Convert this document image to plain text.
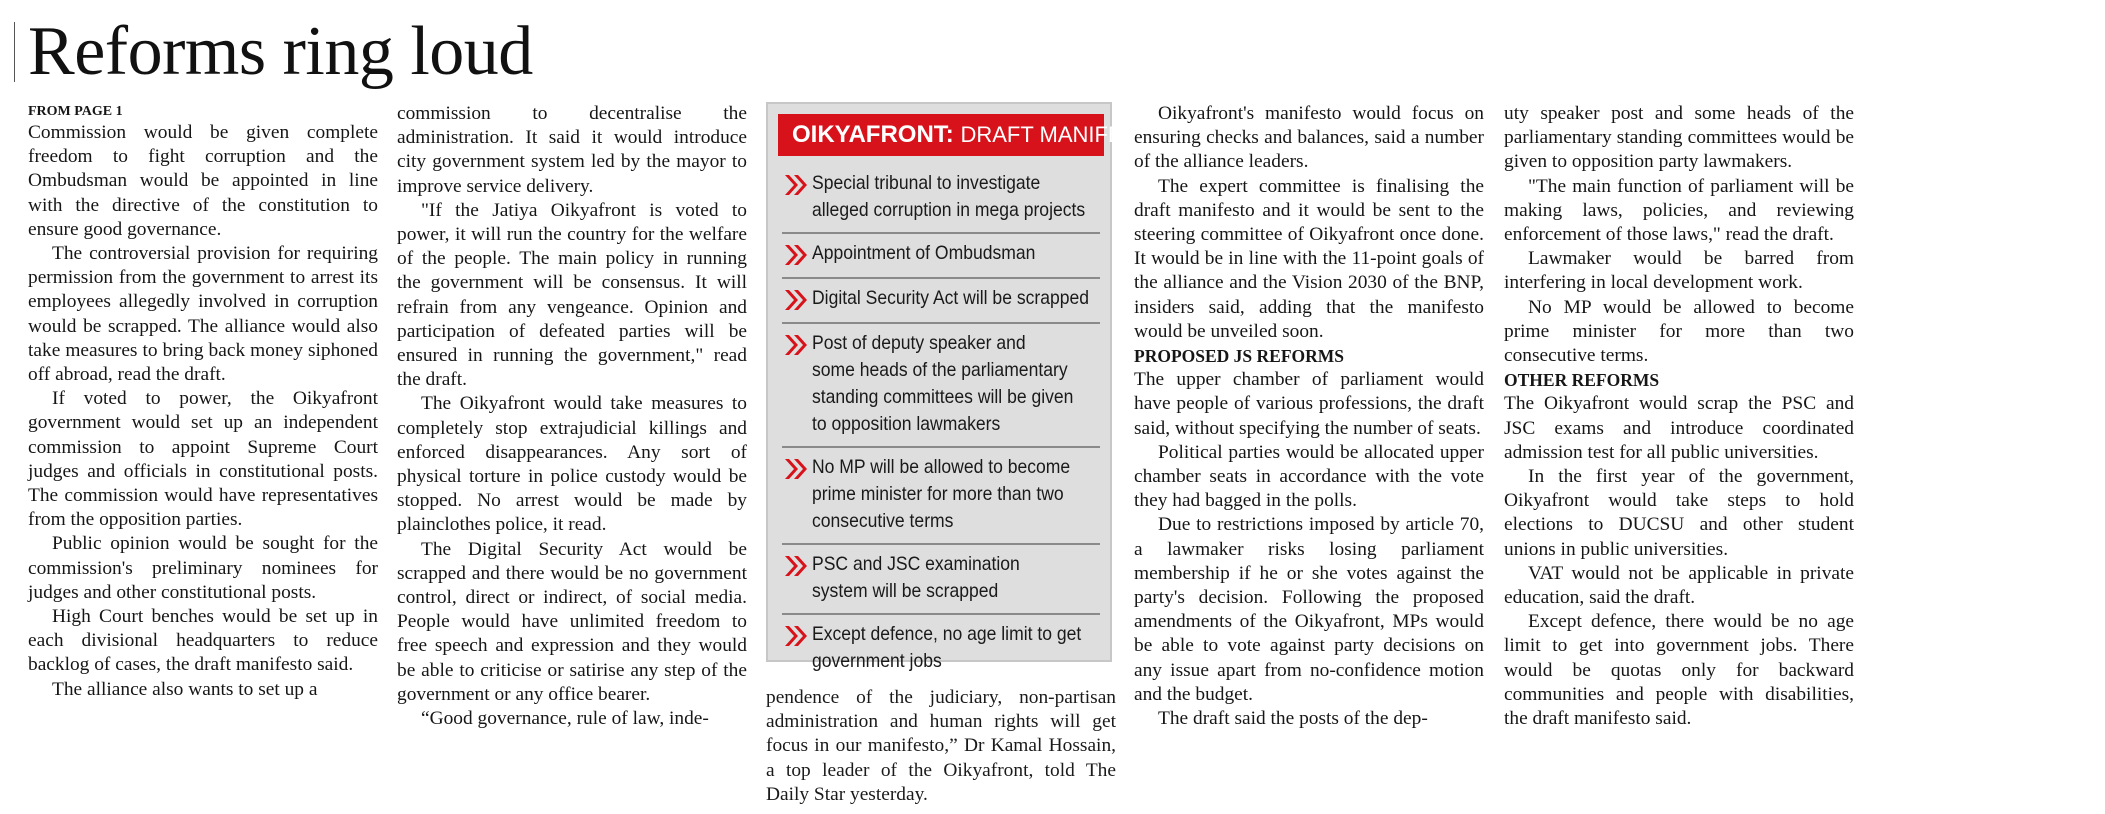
Reforms ring loud
FROM PAGE 1

Commission would be given complete freedom to fight corruption and the Ombudsman would be appointed in line with the directive of the constitution to ensure good governance.

The controversial provision for requiring permission from the government to arrest its employees allegedly involved in corruption would be scrapped. The alliance would also take measures to bring back money siphoned off abroad, read the draft.

If voted to power, the Oikyafront government would set up an independent commission to appoint Supreme Court judges and officials in constitutional posts. The commission would have representatives from the opposition parties.

Public opinion would be sought for the commission's preliminary nominees for judges and other constitutional posts.

High Court benches would be set up in each divisional headquarters to reduce backlog of cases, the draft manifesto said.

The alliance also wants to set up a

commission to decentralise the administration. It said it would introduce city government system led by the mayor to improve service delivery.

"If the Jatiya Oikyafront is voted to power, it will run the country for the welfare of the people. The main policy in running the government will be consensus. It will refrain from any vengeance. Opinion and participation of defeated parties will be ensured in running the government," read the draft.

The Oikyafront would take measures to completely stop extrajudicial killings and enforced disappearances. Any sort of physical torture in police custody would be stopped. No arrest would be made by plainclothes police, it read.

The Digital Security Act would be scrapped and there would be no government control, direct or indirect, of social media. People would have unlimited freedom to free speech and expression and they would be able to criticise or satirise any step of the government or any office bearer.

“Good governance, rule of law, inde-

OIKYAFRONT: DRAFT MANIFESTO
Special tribunal to investigate
alleged corruption in mega projects
Appointment of Ombudsman
Digital Security Act will be scrapped
Post of deputy speaker and
some heads of the parliamentary
standing committees will be given
to opposition lawmakers
No MP will be allowed to become
prime minister for more than two
consecutive terms
PSC and JSC examination
system will be scrapped
Except defence, no age limit to get
government jobs

pendence of the judiciary, non-partisan administration and human rights will get focus in our manifesto,” Dr Kamal Hossain, a top leader of the Oikyafront, told The Daily Star yesterday.

Oikyafront's manifesto would focus on ensuring checks and balances, said a number of the alliance leaders.

The expert committee is finalising the draft manifesto and it would be sent to the steering committee of Oikyafront once done. It would be in line with the 11-point goals of the alliance and the Vision 2030 of the BNP, insiders said, adding that the manifesto would be unveiled soon.

PROPOSED JS REFORMS

The upper chamber of parliament would have people of various professions, the draft said, without specifying the number of seats.

Political parties would be allocated upper chamber seats in accordance with the vote they had bagged in the polls.

Due to restrictions imposed by article 70, a lawmaker risks losing parliament membership if he or she votes against the party's decision. Following the proposed amendments of the Oikyafront, MPs would be able to vote against party decisions on any issue apart from no-confidence motion and the budget.

The draft said the posts of the dep-

uty speaker post and some heads of the parliamentary standing committees would be given to opposition party lawmakers.

"The main function of parliament will be making laws, policies, and reviewing enforcement of those laws," read the draft.

Lawmaker would be barred from interfering in local development work.

No MP would be allowed to become prime minister for more than two consecutive terms.

OTHER REFORMS

The Oikyafront would scrap the PSC and JSC exams and introduce coordinated admission test for all public universities.

In the first year of the government, Oikyafront would take steps to hold elections to DUCSU and other student unions in public universities.

VAT would not be applicable in private education, said the draft.

Except defence, there would be no age limit to get into government jobs. There would be quotas only for backward communities and people with disabilities, the draft manifesto said.
